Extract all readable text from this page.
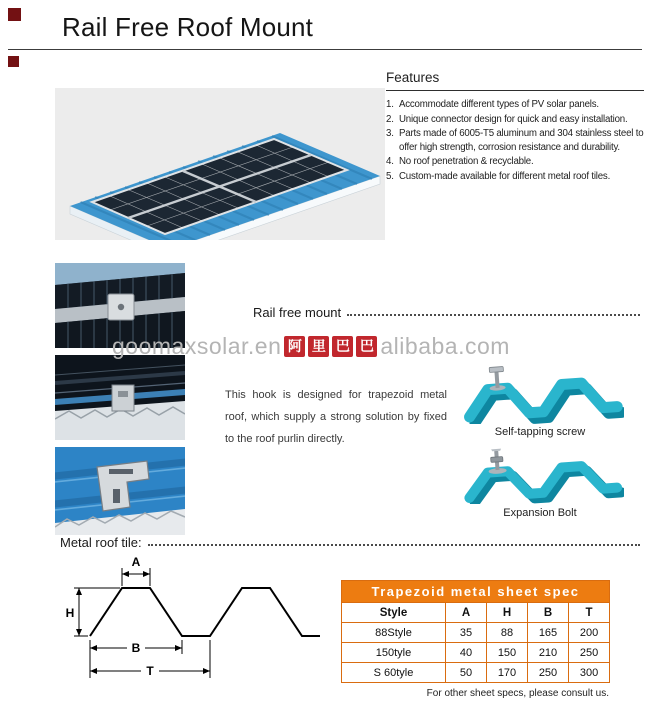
Rail Free Roof Mount
Features
1. Accommodate different types of PV solar panels.
2. Unique connector design for quick and easy installation.
3. Parts made of 6005-T5 aluminum and 304 stainless steel to offer high strength, corrosion resistance and durability.
4. No roof penetration & recyclable.
5. Custom-made available for different metal roof tiles.
Rail free mount
goomaxsolar.en 阿 里 巴 巴 alibaba.com

This hook is designed for trapezoid metal roof, which supply a strong solution by fixed to the roof purlin directly.

Self-tapping screw
Expansion Bolt
Metal roof tile:
A
H
B
T
Trapezoid metal sheet spec				
Style	A	H	B	T
88Style	35	88	165	200
150tyle	40	150	210	250
S 60tyle	50	170	250	300
For other sheet specs, please consult us.
